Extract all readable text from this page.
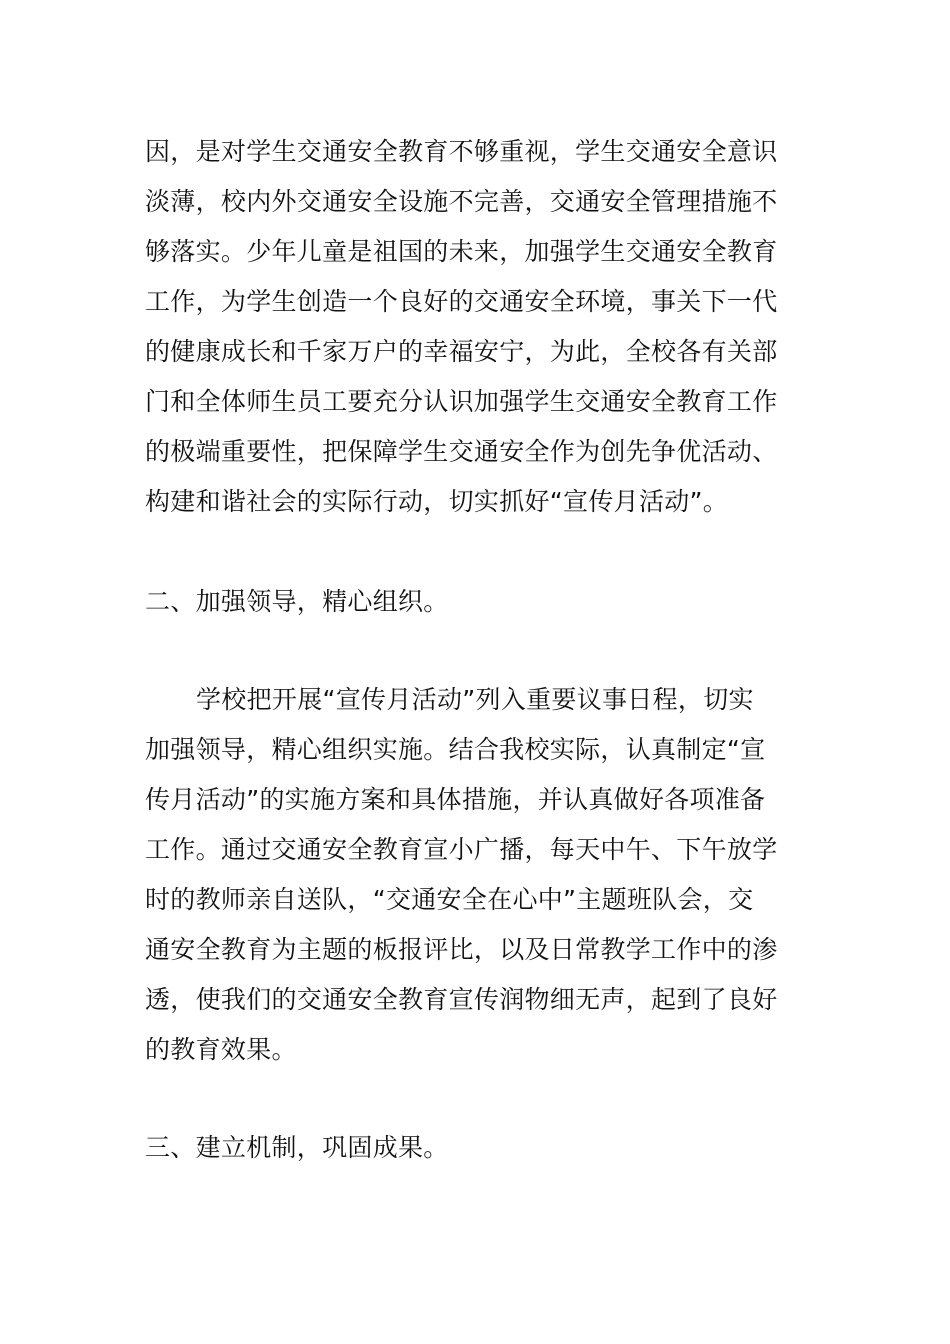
因，是对学生交通安全教育不够重视，学生交通安全意识
淡薄，校内外交通安全设施不完善，交通安全管理措施不
够落实。少年儿童是祖国的未来，加强学生交通安全教育
工作，为学生创造一个良好的交通安全环境，事关下一代
的健康成长和千家万户的幸福安宁，为此，全校各有关部
门和全体师生员工要充分认识加强学生交通安全教育工作
的极端重要性，把保障学生交通安全作为创先争优活动、
构建和谐社会的实际行动，切实抓好“宣传月活动”。
二、加强领导，精心组织。
学校把开展“宣传月活动”列入重要议事日程，切实
加强领导，精心组织实施。结合我校实际，认真制定“宣
传月活动”的实施方案和具体措施，并认真做好各项准备
工作。通过交通安全教育宣小广播，每天中午、下午放学
时的教师亲自送队，“交通安全在心中”主题班队会，交
通安全教育为主题的板报评比，以及日常教学工作中的渗
透，使我们的交通安全教育宣传润物细无声，起到了良好
的教育效果。
三、建立机制，巩固成果。
